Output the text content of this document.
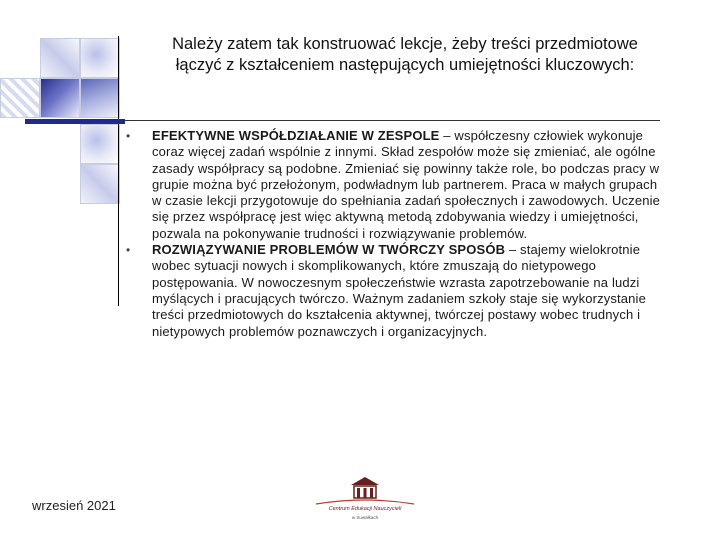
Należy zatem tak konstruować lekcje, żeby treści przedmiotowe łączyć z kształceniem następujących umiejętności kluczowych:
• EFEKTYWNE WSPÓŁDZIAŁANIE W ZESPOLE – współczesny człowiek wykonuje coraz więcej zadań wspólnie z innymi. Skład zespołów może się zmieniać, ale ogólne zasady współpracy są podobne. Zmieniać się powinny także role, bo podczas pracy w grupie można być przełożonym, podwładnym lub partnerem. Praca w małych grupach w czasie lekcji przygotowuje do spełniania zadań społecznych i zawodowych. Uczenie się przez współpracę jest więc aktywną metodą zdobywania wiedzy i umiejętności, pozwala na pokonywanie trudności i rozwiązywanie problemów.
• ROZWIĄZYWANIE PROBLEMÓW W TWÓRCZY SPOSÓB – stajemy wielokrotnie wobec sytuacji nowych i skomplikowanych, które zmuszają do nietypowego postępowania. W nowoczesnym społeczeństwie wzrasta zapotrzebowanie na ludzi myślących i pracujących twórczo. Ważnym zadaniem szkoły staje się wykorzystanie treści przedmiotowych do kształcenia aktywnej, twórczej postawy wobec trudnych i nietypowych problemów poznawczych i organizacyjnych.
wrzesień 2021	Centrum Edukacji Nauczycieli
w Suwałkach
